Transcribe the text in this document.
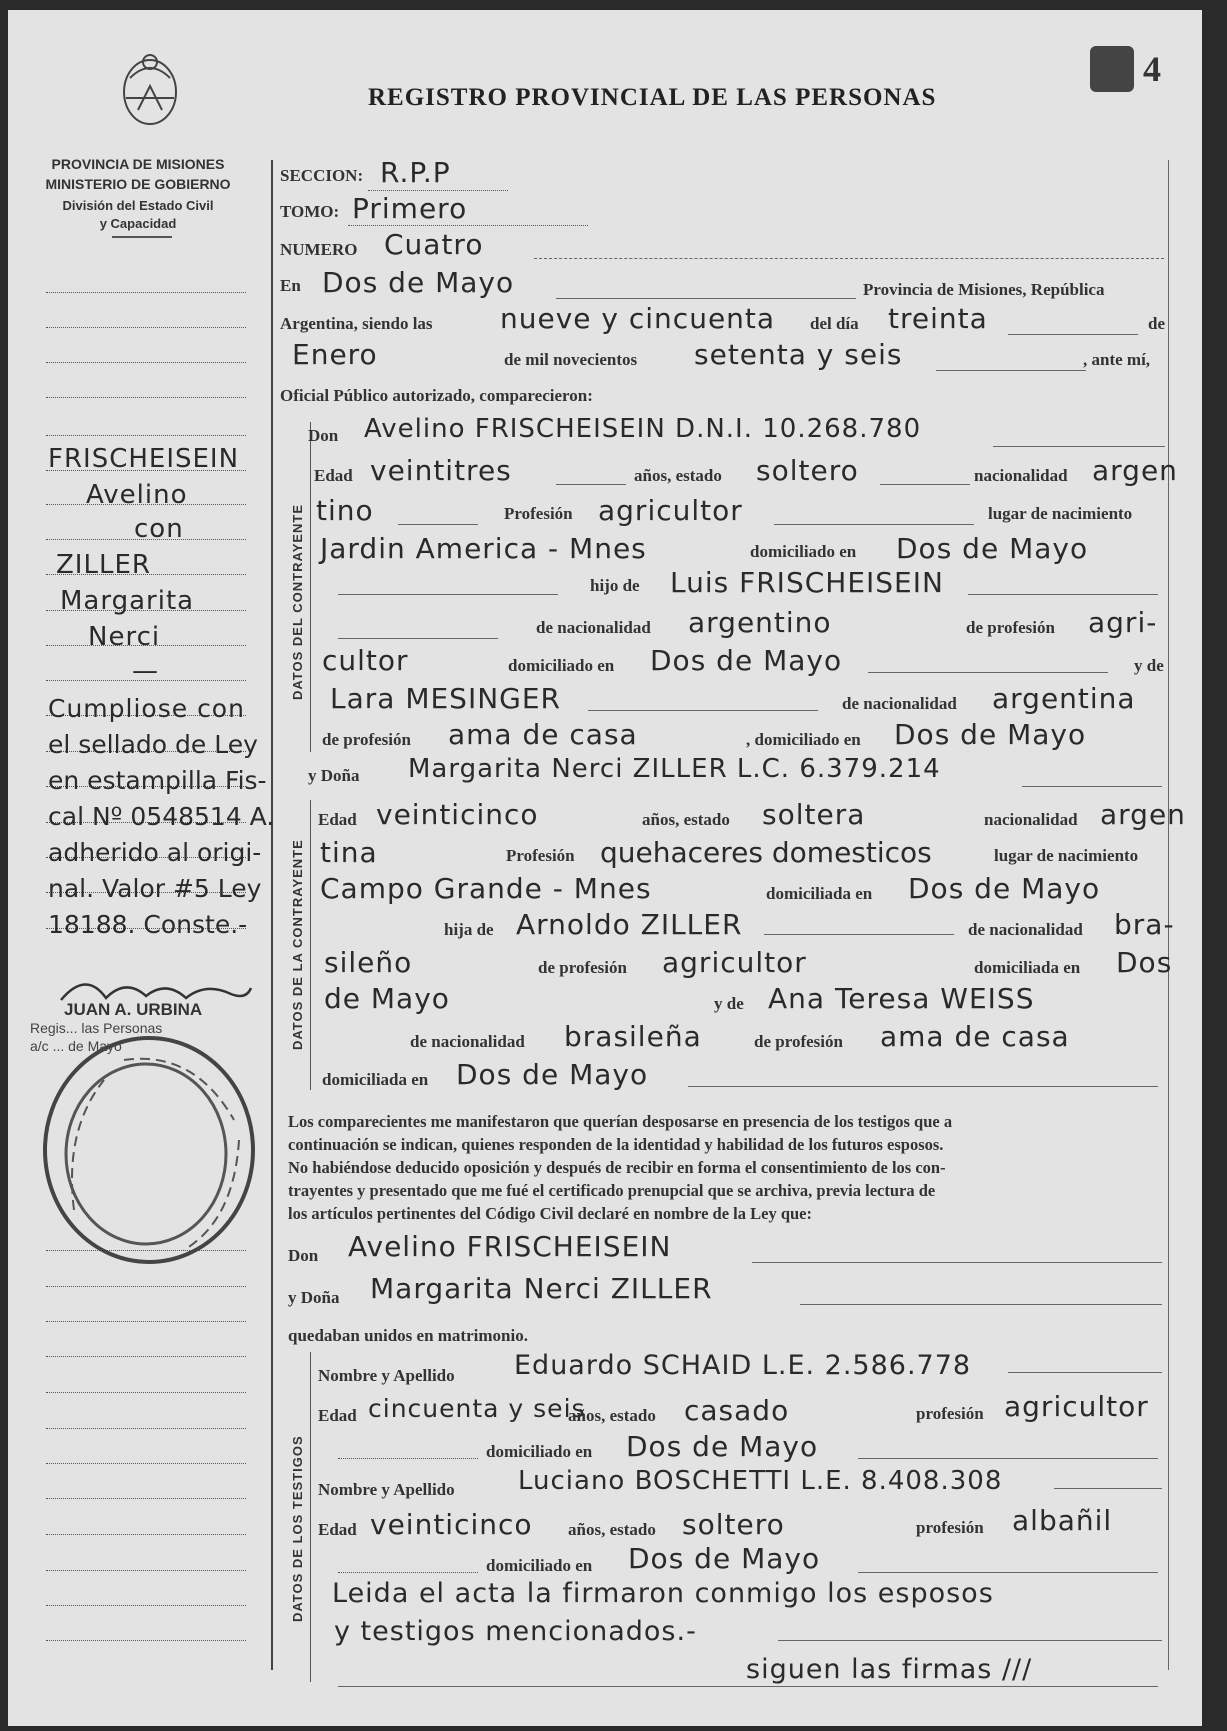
PROVINCIA DE MISIONES
MINISTERIO DE GOBIERNO
División del Estado Civil
y Capacidad
REGISTRO PROVINCIAL DE LAS PERSONAS
4
FRISCHEISEIN
Avelino
con
ZILLER
Margarita
Nerci
—
Cumpliose con
el sellado de Ley
en estampilla Fis-
cal Nº 0548514 A.
adherido al origi-
nal. Valor #5 Ley
18188. Conste.-
JUAN A. URBINA
Regis... las Personas
a/c ... de Mayo
SECCION: R.P.P
TOMO: Primero
NUMERO Cuatro
En Dos de Mayo	Provincia de Misiones, República
Argentina, siendo las nueve y cincuenta del día treinta	de
Enero	de mil novecientos setenta y seis	, ante mí,
Oficial Público autorizado, comparecieron:
DATOS DEL CONTRAYENTE
Don Avelino FRISCHEISEIN D.N.I. 10.268.780
Edad veintitres	años, estado soltero	nacionalidad argen
tino	Profesión agricultor	lugar de nacimiento
Jardin America - Mnes	domiciliado en Dos de Mayo
hijo de Luis FRISCHEISEIN
de nacionalidad argentino	de profesión agri-
cultor	domiciliado en Dos de Mayo	y de
Lara MESINGER	de nacionalidad argentina
de profesión ama de casa	, domiciliado en Dos de Mayo
y Doña Margarita Nerci ZILLER L.C. 6.379.214
DATOS DE LA CONTRAYENTE
Edad veinticinco	años, estado soltera	nacionalidad argen
tina	Profesión quehaceres domesticos	lugar de nacimiento
Campo Grande - Mnes	domiciliada en Dos de Mayo
hija de Arnoldo ZILLER	de nacionalidad bra-
sileño	de profesión agricultor	domiciliada en Dos
de Mayo	y de Ana Teresa WEISS
de nacionalidad brasileña	de profesión ama de casa
domiciliada en Dos de Mayo
Los comparecientes me manifestaron que querían desposarse en presencia de los testigos que a
continuación se indican, quienes responden de la identidad y habilidad de los futuros esposos.
No habiéndose deducido oposición y después de recibir en forma el consentimiento de los con-
trayentes y presentado que me fué el certificado prenupcial que se archiva, previa lectura de
los artículos pertinentes del Código Civil declaré en nombre de la Ley que:
Don Avelino FRISCHEISEIN
y Doña Margarita Nerci ZILLER
quedaban unidos en matrimonio.
DATOS DE LOS TESTIGOS
Nombre y Apellido Eduardo SCHAID L.E. 2.586.778
Edad cincuenta y seis
años, estado casado	profesión agricultor
domiciliado en Dos de Mayo
Nombre y Apellido Luciano BOSCHETTI L.E. 8.408.308
Edad veinticinco años, estado soltero	profesión albañil
domiciliado en Dos de Mayo
Leida el acta la firmaron conmigo los esposos
y testigos mencionados.-
siguen las firmas ///
